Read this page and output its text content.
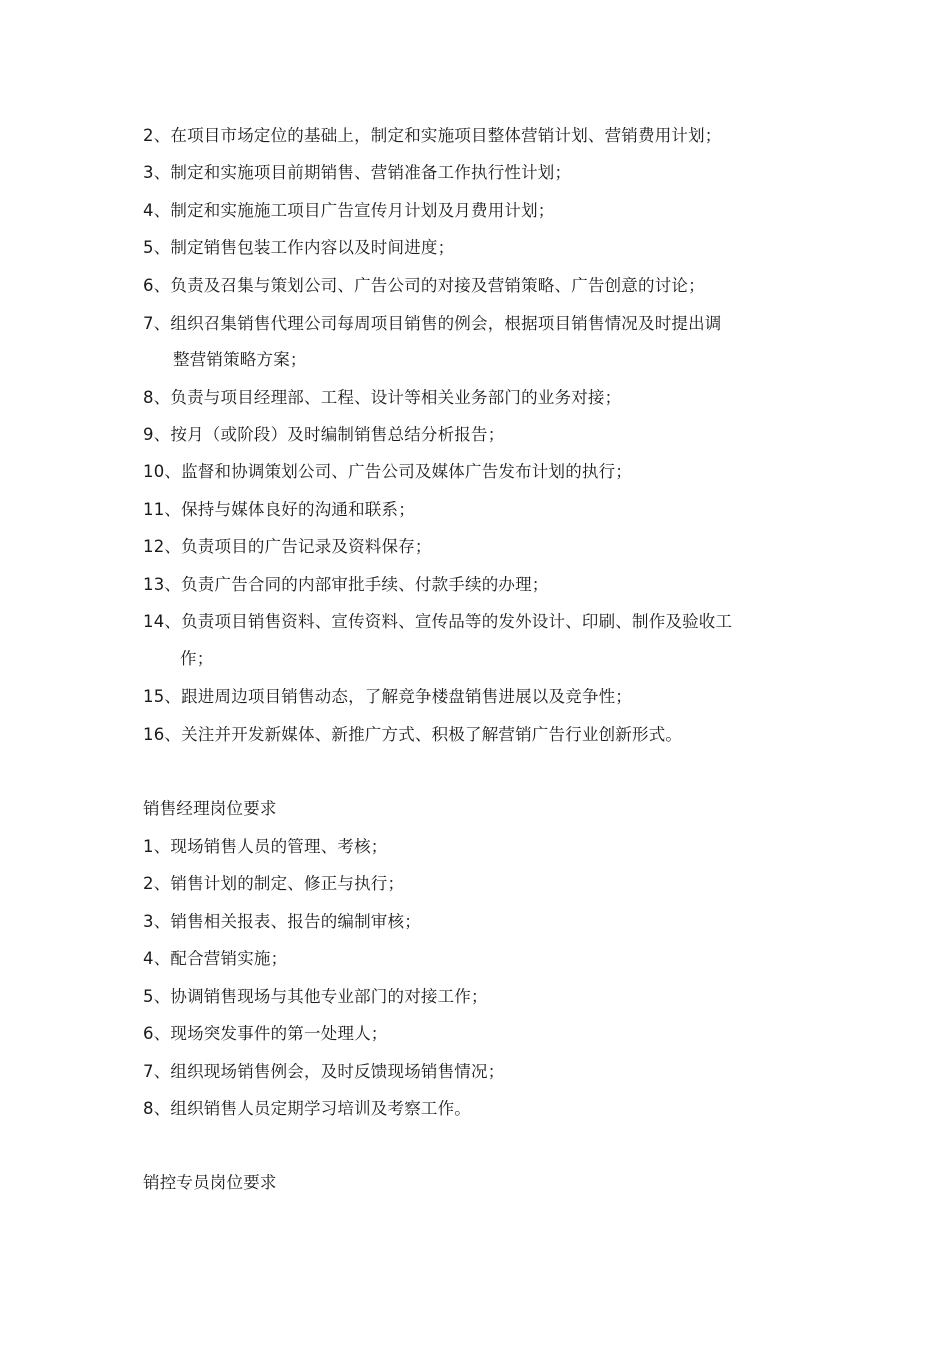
2、在项目市场定位的基础上，制定和实施项目整体营销计划、营销费用计划；
3、制定和实施项目前期销售、营销准备工作执行性计划；
4、制定和实施施工项目广告宣传月计划及月费用计划；
5、制定销售包装工作内容以及时间进度；
6、负责及召集与策划公司、广告公司的对接及营销策略、广告创意的讨论；
7、组织召集销售代理公司每周项目销售的例会，根据项目销售情况及时提出调
整营销策略方案；
8、负责与项目经理部、工程、设计等相关业务部门的业务对接；
9、按月（或阶段）及时编制销售总结分析报告；
10、监督和协调策划公司、广告公司及媒体广告发布计划的执行；
11、保持与媒体良好的沟通和联系；
12、负责项目的广告记录及资料保存；
13、负责广告合同的内部审批手续、付款手续的办理；
14、负责项目销售资料、宣传资料、宣传品等的发外设计、印刷、制作及验收工
作；
15、跟进周边项目销售动态，了解竞争楼盘销售进展以及竞争性；
16、关注并开发新媒体、新推广方式、积极了解营销广告行业创新形式。
销售经理岗位要求
1、现场销售人员的管理、考核；
2、销售计划的制定、修正与执行；
3、销售相关报表、报告的编制审核；
4、配合营销实施；
5、协调销售现场与其他专业部门的对接工作；
6、现场突发事件的第一处理人；
7、组织现场销售例会，及时反馈现场销售情况；
8、组织销售人员定期学习培训及考察工作。
销控专员岗位要求
